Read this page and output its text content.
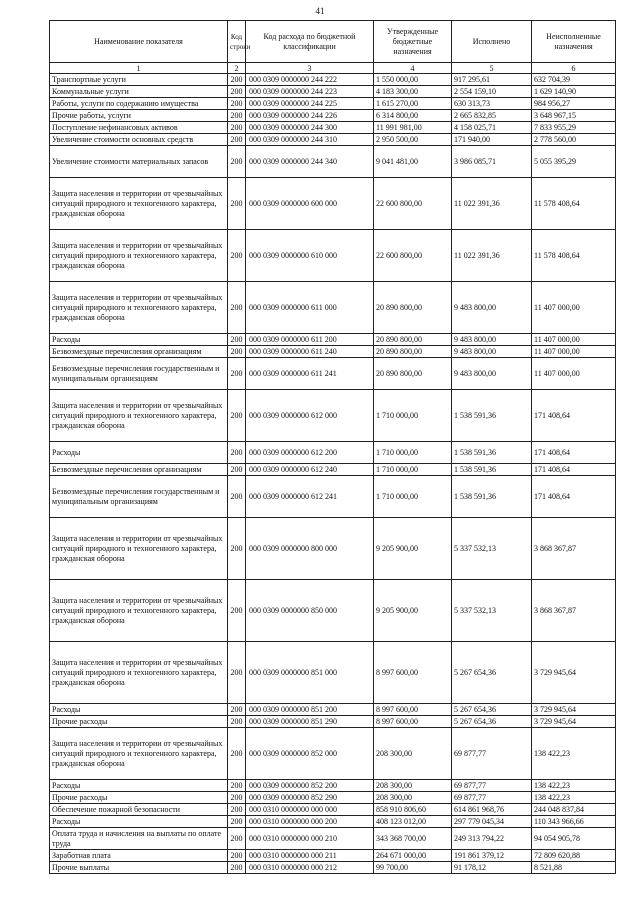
41
Наименование показателя	Код строки	Код расхода по бюджетной классификации	Утвержденные бюджетные назначения	Исполнено	Неисполненные назначения
1	2	3	4	5	6
Транспортные услуги	200	000 0309 0000000 244 222	1 550 000,00	917 295,61	632 704,39
Коммунальные услуги	200	000 0309 0000000 244 223	4 183 300,00	2 554 159,10	1 629 140,90
Работы, услуги по содержанию имущества	200	000 0309 0000000 244 225	1 615 270,00	630 313,73	984 956,27
Прочие работы, услуги	200	000 0309 0000000 244 226	6 314 800,00	2 665 832,85	3 648 967,15
Поступление нефинансовых активов	200	000 0309 0000000 244 300	11 991 981,00	4 158 025,71	7 833 955,29
Увеличение стоимости основных средств	200	000 0309 0000000 244 310	2 950 500,00	171 940,00	2 778 560,00
Увеличение стоимости материальных запасов	200	000 0309 0000000 244 340	9 041 481,00	3 986 085,71	5 055 395,29
Защита населения и территории от чрезвычайных ситуаций природного и техногенного характера, гражданская оборона	200	000 0309 0000000 600 000	22 600 800,00	11 022 391,36	11 578 408,64
Защита населения и территории от чрезвычайных ситуаций природного и техногенного характера, гражданская оборона	200	000 0309 0000000 610 000	22 600 800,00	11 022 391,36	11 578 408,64
Защита населения и территории от чрезвычайных ситуаций природного и техногенного характера, гражданская оборона	200	000 0309 0000000 611 000	20 890 800,00	9 483 800,00	11 407 000,00
Расходы	200	000 0309 0000000 611 200	20 890 800,00	9 483 800,00	11 407 000,00
Безвозмездные перечисления организациям	200	000 0309 0000000 611 240	20 890 800,00	9 483 800,00	11 407 000,00
Безвозмездные перечисления государственным и муниципальным организациям	200	000 0309 0000000 611 241	20 890 800,00	9 483 800,00	11 407 000,00
Защита населения и территории от чрезвычайных ситуаций природного и техногенного характера, гражданская оборона	200	000 0309 0000000 612 000	1 710 000,00	1 538 591,36	171 408,64
Расходы	200	000 0309 0000000 612 200	1 710 000,00	1 538 591,36	171 408,64
Безвозмездные перечисления организациям	200	000 0309 0000000 612 240	1 710 000,00	1 538 591,36	171 408,64
Безвозмездные перечисления государственным и муниципальным организациям	200	000 0309 0000000 612 241	1 710 000,00	1 538 591,36	171 408,64
Защита населения и территории от чрезвычайных ситуаций природного и техногенного характера, гражданская оборона	200	000 0309 0000000 800 000	9 205 900,00	5 337 532,13	3 868 367,87
Защита населения и территории от чрезвычайных ситуаций природного и техногенного характера, гражданская оборона	200	000 0309 0000000 850 000	9 205 900,00	5 337 532,13	3 868 367,87
Защита населения и территории от чрезвычайных ситуаций природного и техногенного характера, гражданская оборона	200	000 0309 0000000 851 000	8 997 600,00	5 267 654,36	3 729 945,64
Расходы	200	000 0309 0000000 851 200	8 997 600,00	5 267 654,36	3 729 945,64
Прочие расходы	200	000 0309 0000000 851 290	8 997 600,00	5 267 654,36	3 729 945,64
Защита населения и территории от чрезвычайных ситуаций природного и техногенного характера, гражданская оборона	200	000 0309 0000000 852 000	208 300,00	69 877,77	138 422,23
Расходы	200	000 0309 0000000 852 200	208 300,00	69 877,77	138 422,23
Прочие расходы	200	000 0309 0000000 852 290	208 300,00	69 877,77	138 422,23
Обеспечение пожарной безопасности	200	000 0310 0000000 000 000	858 910 806,60	614 861 968,76	244 048 837,84
Расходы	200	000 0310 0000000 000 200	408 123 012,00	297 779 045,34	110 343 966,66
Оплата труда и начисления на выплаты по оплате труда	200	000 0310 0000000 000 210	343 368 700,00	249 313 794,22	94 054 905,78
Заработная плата	200	000 0310 0000000 000 211	264 671 000,00	191 861 379,12	72 809 620,88
Прочие выплаты	200	000 0310 0000000 000 212	99 700,00	91 178,12	8 521,88
